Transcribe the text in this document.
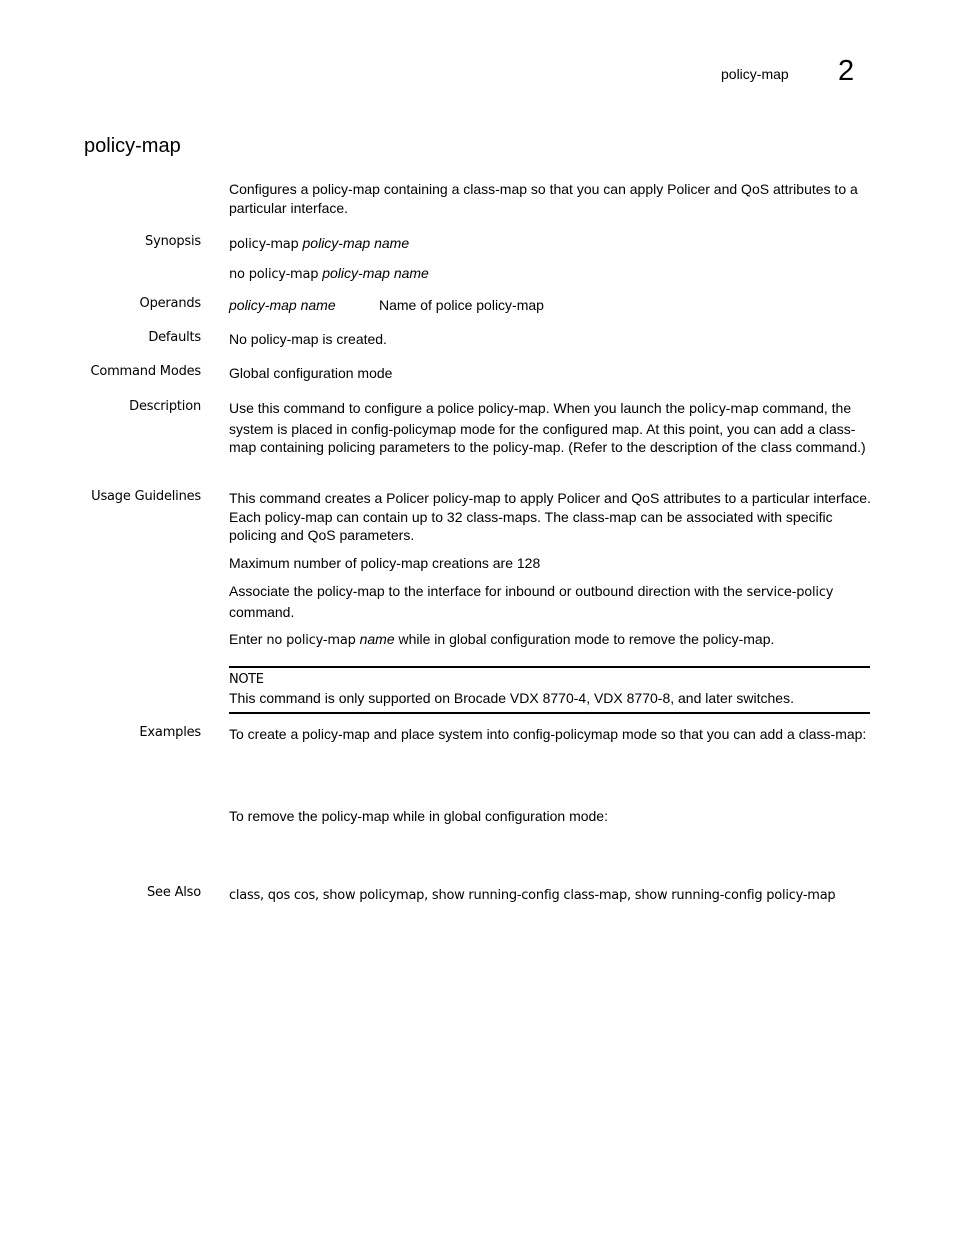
policy-map 2
policy-map

Configures a policy-map containing a class-map so that you can apply Policer and QoS attributes to a particular interface.

Synopsis policy-map policy-map name

no policy-map policy-map name

Operands policy-map name	Name of police policy-map
Defaults No policy-map is created.
Command Modes Global configuration mode
Description Use this command to configure a police policy-map. When you launch the policy-map command, the system is placed in config-policymap mode for the configured map. At this point, you can add a class-map containing policing parameters to the policy-map. (Refer to the description of the class command.)

Usage Guidelines This command creates a Policer policy-map to apply Policer and QoS attributes to a particular interface. Each policy-map can contain up to 32 class-maps. The class-map can be associated with specific policing and QoS parameters.

Maximum number of policy-map creations are 128

Associate the policy-map to the interface for inbound or outbound direction with the service-policy command.

Enter no policy-map name while in global configuration mode to remove the policy-map.

NOTE
This command is only supported on Brocade VDX 8770-4, VDX 8770-8, and later switches.
Examples To create a policy-map and place system into config-policymap mode so that you can add a class-map:

To remove the policy-map while in global configuration mode:

See Also class, qos cos, show policymap, show running-config class-map, show running-config policy-map
